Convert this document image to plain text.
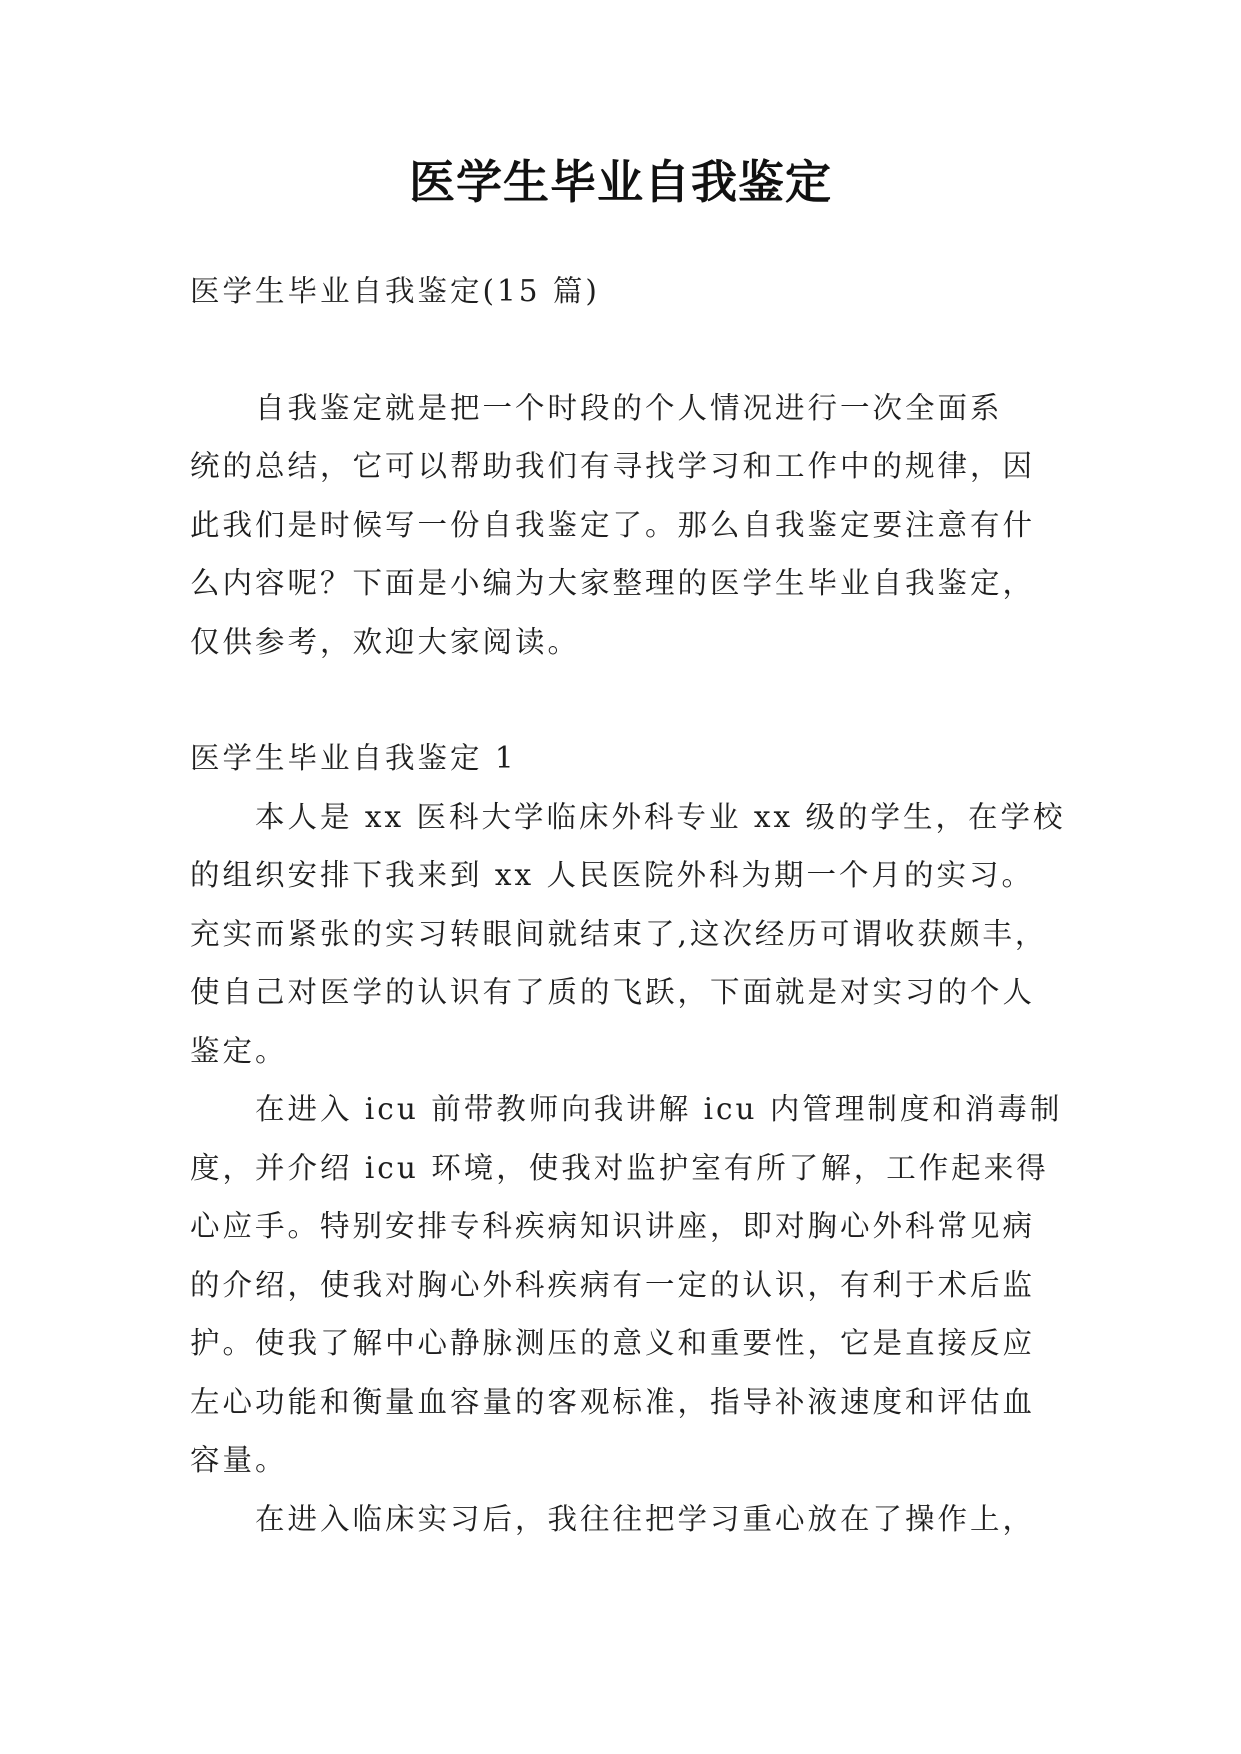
医学生毕业自我鉴定
医学生毕业自我鉴定(15 篇)
　　自我鉴定就是把一个时段的个人情况进行一次全面系
统的总结，它可以帮助我们有寻找学习和工作中的规律，因
此我们是时候写一份自我鉴定了。那么自我鉴定要注意有什
么内容呢？下面是小编为大家整理的医学生毕业自我鉴定，
仅供参考，欢迎大家阅读。
医学生毕业自我鉴定 1
　　本人是 xx 医科大学临床外科专业 xx 级的学生，在学校
的组织安排下我来到 xx 人民医院外科为期一个月的实习。
充实而紧张的实习转眼间就结束了,这次经历可谓收获颇丰，
使自己对医学的认识有了质的飞跃，下面就是对实习的个人
鉴定。
　　在进入 icu 前带教师向我讲解 icu 内管理制度和消毒制
度，并介绍 icu 环境，使我对监护室有所了解，工作起来得
心应手。特别安排专科疾病知识讲座，即对胸心外科常见病
的介绍，使我对胸心外科疾病有一定的认识，有利于术后监
护。使我了解中心静脉测压的意义和重要性，它是直接反应
左心功能和衡量血容量的客观标准，指导补液速度和评估血
容量。
　　在进入临床实习后，我往往把学习重心放在了操作上，
